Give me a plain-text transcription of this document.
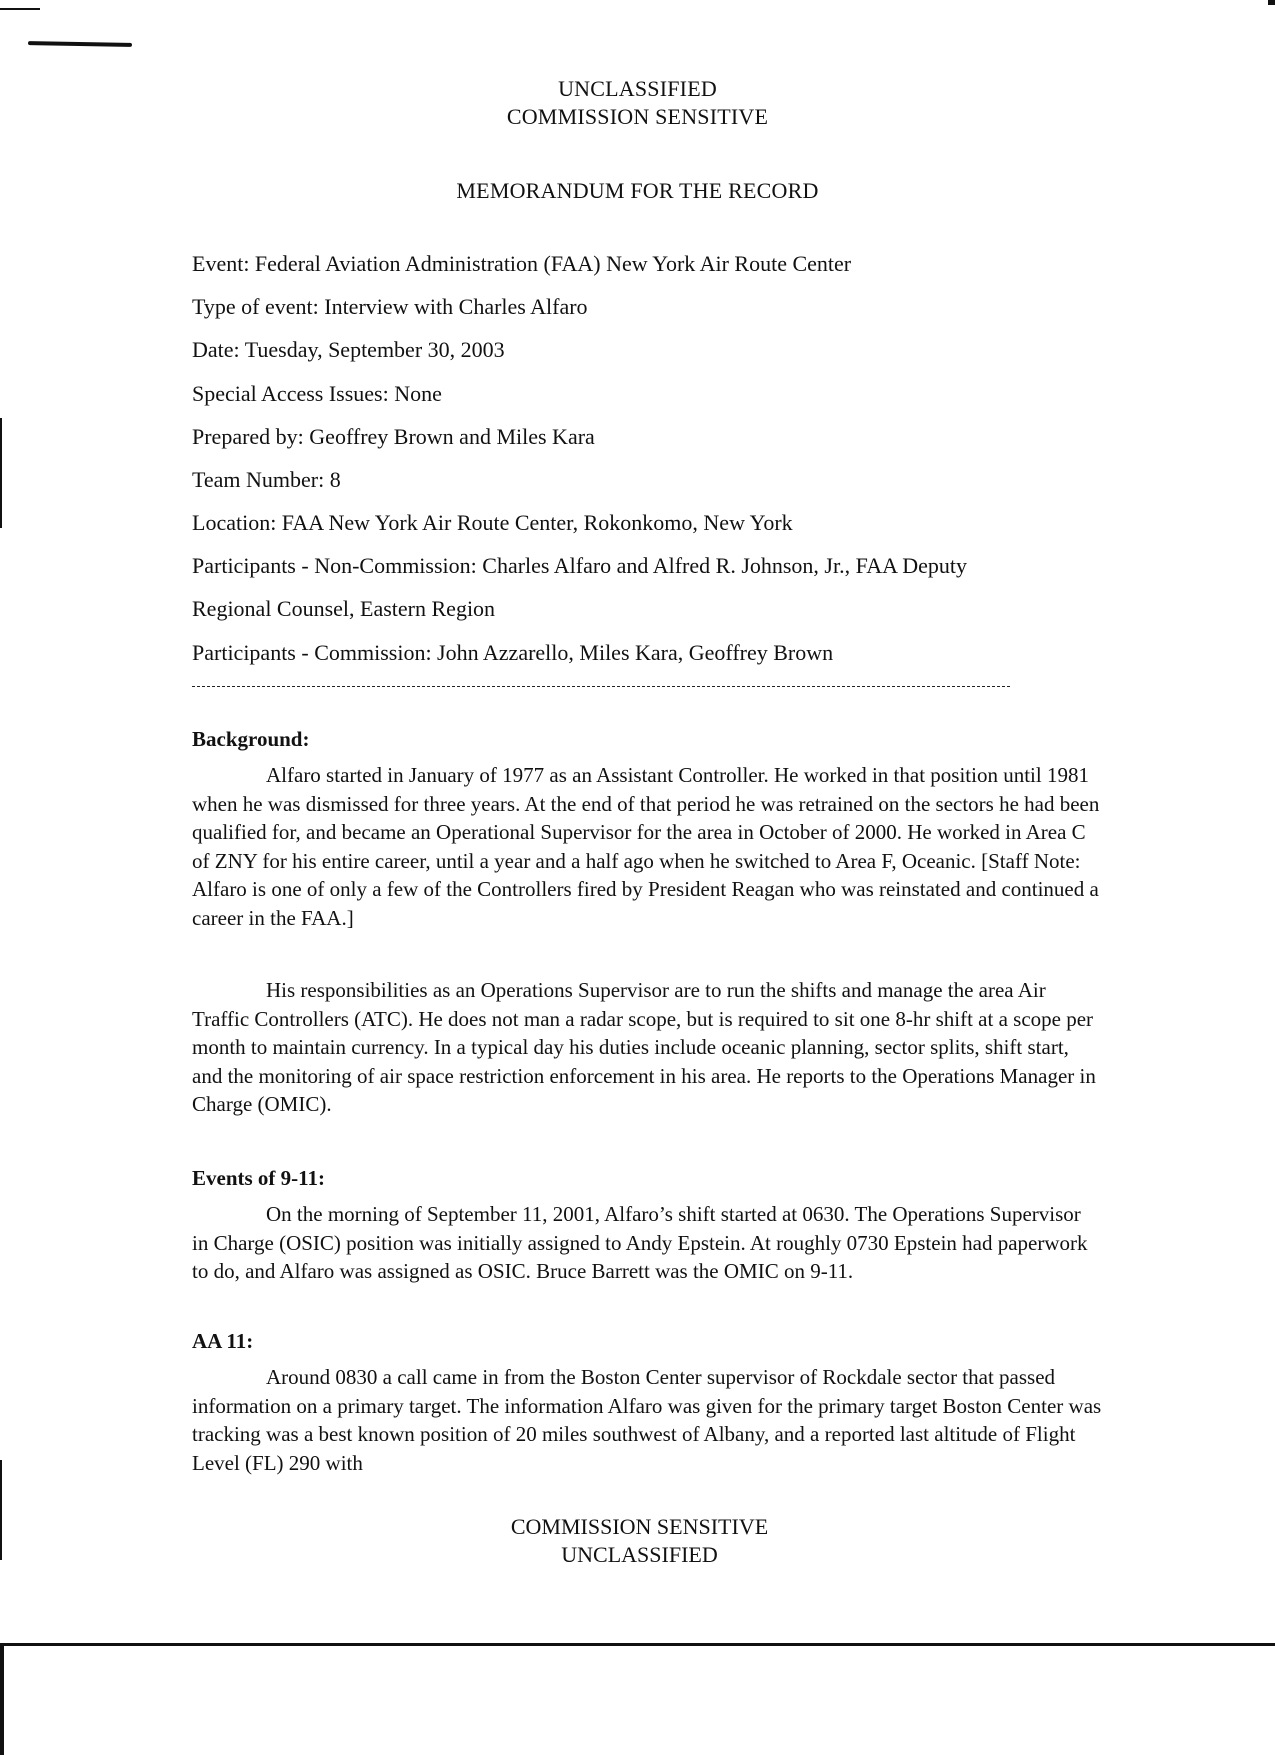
UNCLASSIFIED
COMMISSION SENSITIVE
MEMORANDUM FOR THE RECORD
Event: Federal Aviation Administration (FAA) New York Air Route Center
Type of event: Interview with Charles Alfaro
Date: Tuesday, September 30, 2003
Special Access Issues: None
Prepared by: Geoffrey Brown and Miles Kara
Team Number: 8
Location: FAA New York Air Route Center, Rokonkomo, New York
Participants - Non-Commission: Charles Alfaro and Alfred R. Johnson, Jr., FAA Deputy
Regional Counsel, Eastern Region
Participants - Commission: John Azzarello, Miles Kara, Geoffrey Brown
Background:

Alfaro started in January of 1977 as an Assistant Controller. He worked in that position until 1981 when he was dismissed for three years. At the end of that period he was retrained on the sectors he had been qualified for, and became an Operational Supervisor for the area in October of 2000. He worked in Area C of ZNY for his entire career, until a year and a half ago when he switched to Area F, Oceanic. [Staff Note: Alfaro is one of only a few of the Controllers fired by President Reagan who was reinstated and continued a career in the FAA.]

His responsibilities as an Operations Supervisor are to run the shifts and manage the area Air Traffic Controllers (ATC). He does not man a radar scope, but is required to sit one 8-hr shift at a scope per month to maintain currency. In a typical day his duties include oceanic planning, sector splits, shift start, and the monitoring of air space restriction enforcement in his area. He reports to the Operations Manager in Charge (OMIC).

Events of 9-11:

On the morning of September 11, 2001, Alfaro’s shift started at 0630. The Operations Supervisor in Charge (OSIC) position was initially assigned to Andy Epstein. At roughly 0730 Epstein had paperwork to do, and Alfaro was assigned as OSIC. Bruce Barrett was the OMIC on 9-11.

AA 11:

Around 0830 a call came in from the Boston Center supervisor of Rockdale sector that passed information on a primary target. The information Alfaro was given for the primary target Boston Center was tracking was a best known position of 20 miles southwest of Albany, and a reported last altitude of Flight Level (FL) 290 with

COMMISSION SENSITIVE
UNCLASSIFIED
